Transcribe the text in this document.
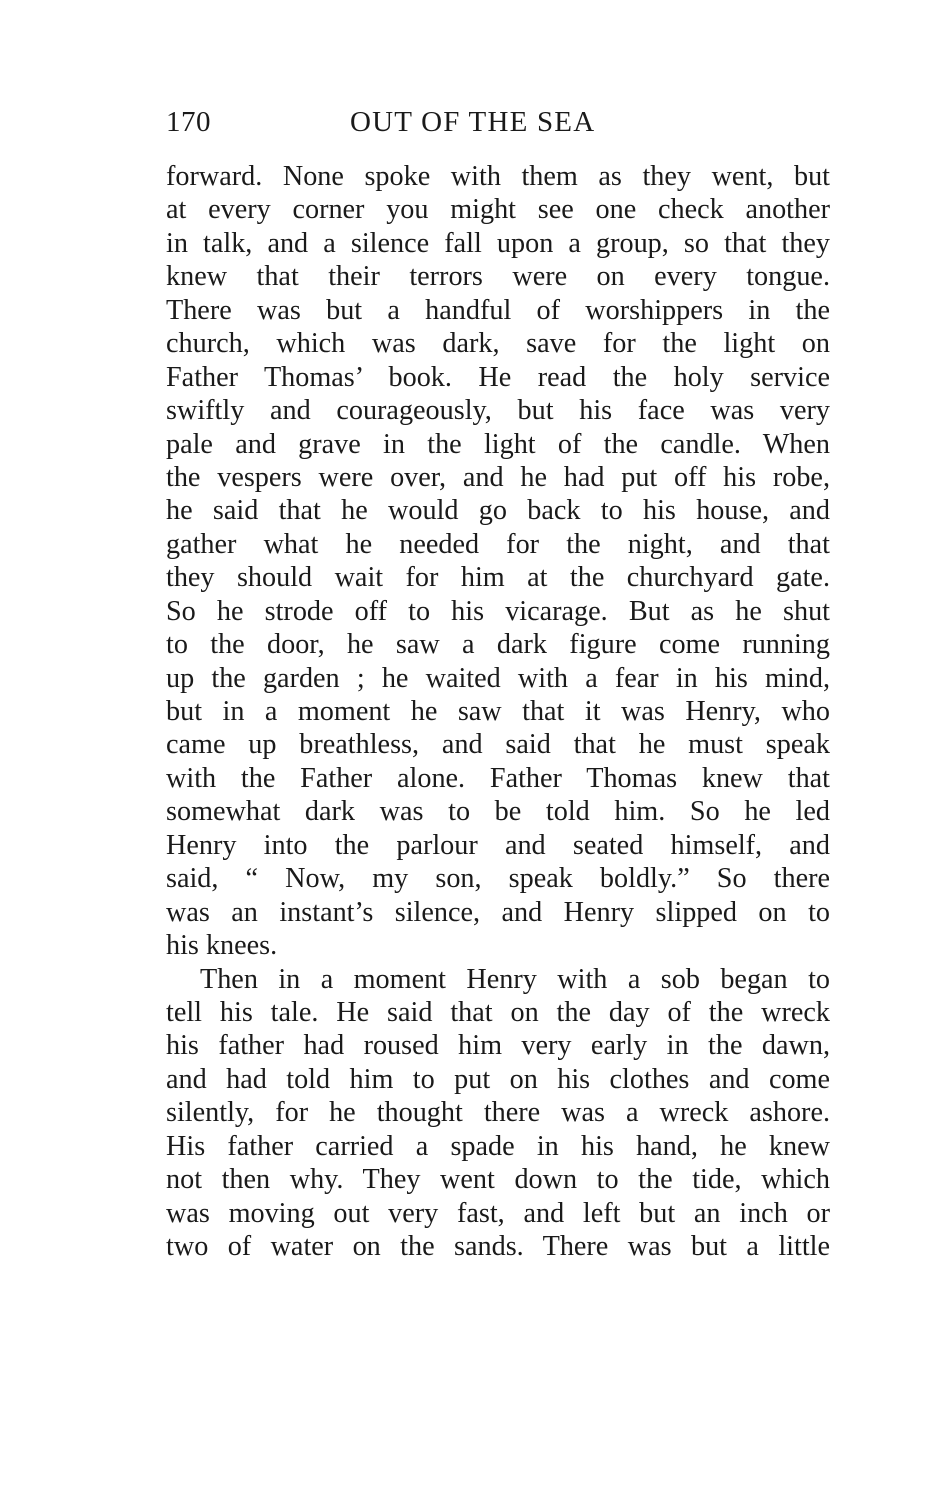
170	OUT OF THE SEA
forward. None spoke with them as they went, but
at every corner you might see one check another
in talk, and a silence fall upon a group, so that they
knew that their terrors were on every tongue.
There was but a handful of worshippers in the
church, which was dark, save for the light on
Father Thomas’ book. He read the holy service
swiftly and courageously, but his face was very
pale and grave in the light of the candle. When
the vespers were over, and he had put off his robe,
he said that he would go back to his house, and
gather what he needed for the night, and that
they should wait for him at the churchyard gate.
So he strode off to his vicarage. But as he shut
to the door, he saw a dark figure come running
up the garden ; he waited with a fear in his mind,
but in a moment he saw that it was Henry, who
came up breathless, and said that he must speak
with the Father alone. Father Thomas knew that
somewhat dark was to be told him. So he led
Henry into the parlour and seated himself, and
said, “ Now, my son, speak boldly.” So there
was an instant’s silence, and Henry slipped on to
his knees.
Then in a moment Henry with a sob began to
tell his tale. He said that on the day of the wreck
his father had roused him very early in the dawn,
and had told him to put on his clothes and come
silently, for he thought there was a wreck ashore.
His father carried a spade in his hand, he knew
not then why. They went down to the tide, which
was moving out very fast, and left but an inch or
two of water on the sands. There was but a little
